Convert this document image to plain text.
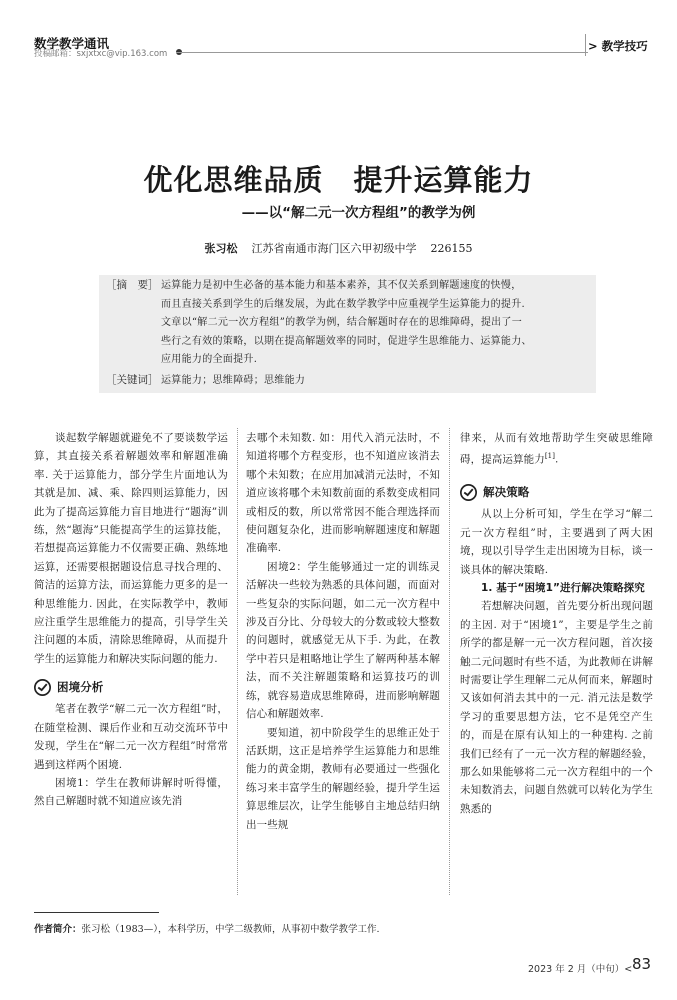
数学教学通讯
投稿邮箱：sxjxtxc@vip.163.com
> 教学技巧
优化思维品质　提升运算能力
——以“解二元一次方程组”的教学为例
张习松 江苏省南通市海门区六甲初级中学 226155
［摘　要］ 运算能力是初中生必备的基本能力和基本素养，其不仅关系到解题速度的快慢，
而且直接关系到学生的后继发展，为此在数学教学中应重视学生运算能力的提升.
文章以“解二元一次方程组”的教学为例，结合解题时存在的思维障碍，提出了一
些行之有效的策略，以期在提高解题效率的同时，促进学生思维能力、运算能力、
应用能力的全面提升.
［关键词］ 运算能力；思维障碍；思维能力

谈起数学解题就避免不了要谈数学运算，其直接关系着解题效率和解题准确率. 关于运算能力，部分学生片面地认为其就是加、减、乘、除四则运算能力，因此为了提高运算能力盲目地进行“题海”训练，然“题海”只能提高学生的运算技能，若想提高运算能力不仅需要正确、熟练地运算，还需要根据题设信息寻找合理的、简洁的运算方法，而运算能力更多的是一种思维能力. 因此，在实际教学中，教师应注重学生思维能力的提高，引导学生关注问题的本质，清除思维障碍，从而提升学生的运算能力和解决实际问题的能力.

困境分析

笔者在教学“解二元一次方程组”时，在随堂检测、课后作业和互动交流环节中发现，学生在“解二元一次方程组”时常常遇到这样两个困境.

困境1：学生在教师讲解时听得懂，然自己解题时就不知道应该先消

去哪个未知数. 如：用代入消元法时，不知道将哪个方程变形，也不知道应该消去哪个未知数；在应用加减消元法时，不知道应该将哪个未知数前面的系数变成相同或相反的数，所以常常因不能合理选择而使问题复杂化，进而影响解题速度和解题准确率.

困境2：学生能够通过一定的训练灵活解决一些较为熟悉的具体问题，而面对一些复杂的实际问题，如二元一次方程中涉及百分比、分母较大的分数或较大整数的问题时，就感觉无从下手. 为此，在教学中若只是粗略地让学生了解两种基本解法，而不关注解题策略和运算技巧的训练，就容易造成思维障碍，进而影响解题信心和解题效率.

要知道，初中阶段学生的思维正处于活跃期，这正是培养学生运算能力和思维能力的黄金期，教师有必要通过一些强化练习来丰富学生的解题经验，提升学生运算思维层次，让学生能够自主地总结归纳出一些规

律来，从而有效地帮助学生突破思维障碍，提高运算能力[1].

解决策略

从以上分析可知，学生在学习“解二元一次方程组”时，主要遇到了两大困境，现以引导学生走出困境为目标，谈一谈具体的解决策略.

1. 基于“困境1”进行解决策略探究

若想解决问题，首先要分析出现问题的主因. 对于“困境1”，主要是学生之前所学的都是解一元一次方程问题，首次接触二元问题时有些不适，为此教师在讲解时需要让学生理解二元从何而来，解题时又该如何消去其中的一元. 消元法是数学学习的重要思想方法，它不是凭空产生的，而是在原有认知上的一种建构. 之前我们已经有了一元一次方程的解题经验，那么如果能够将二元一次方程组中的一个未知数消去，问题自然就可以转化为学生熟悉的

作者简介：张习松（1983—），本科学历，中学二级教师，从事初中数学教学工作.
2023 年 2 月（中旬）< 83
